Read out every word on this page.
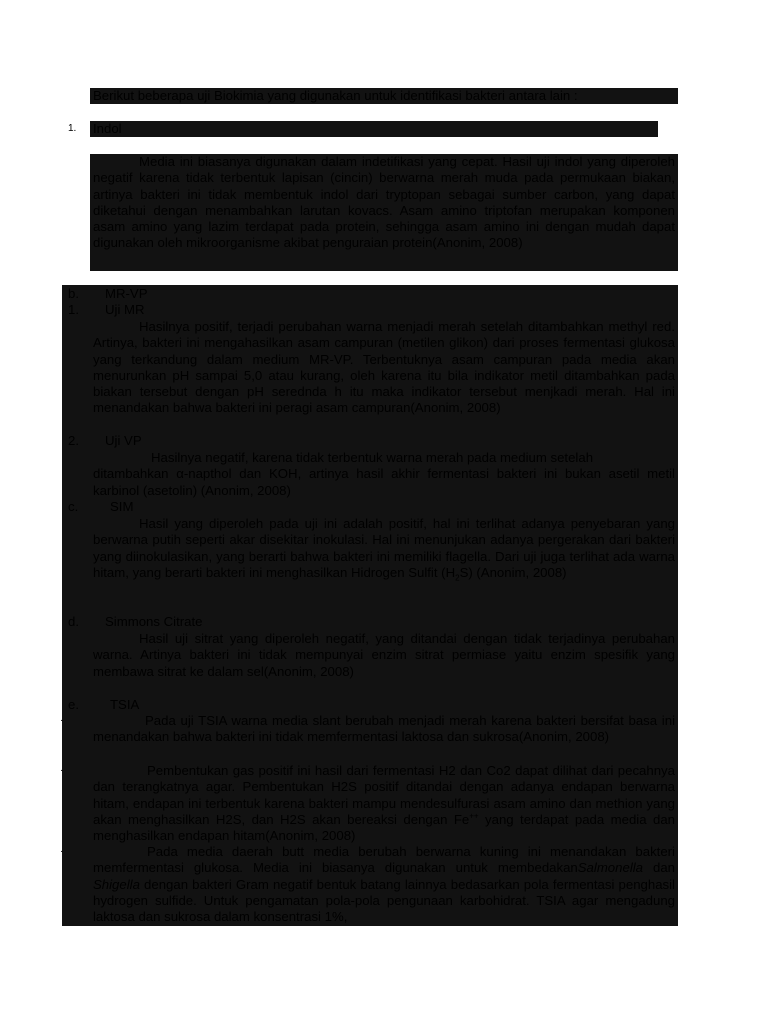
Berikut beberapa uji Biokimia yang digunakan untuk identifikasi bakteri antara lain :
1. Indol

Media ini biasanya digunakan dalam indetifikasi yang cepat. Hasil uji indol yang diperoleh negatif karena tidak terbentuk lapisan (cincin) berwarna merah muda pada permukaan biakan, artinya bakteri ini tidak membentuk indol dari tryptopan sebagai sumber carbon, yang dapat diketahui dengan menambahkan larutan kovacs. Asam amino triptofan merupakan komponen asam amino yang lazim terdapat pada protein, sehingga asam amino ini dengan mudah dapat digunakan oleh mikroorganisme akibat penguraian protein(Anonim, 2008)

b. MR-VP
1. Uji MR

Hasilnya positif, terjadi perubahan warna menjadi merah setelah ditambahkan methyl red. Artinya, bakteri ini mengahasilkan asam campuran (metilen glikon) dari proses fermentasi glukosa yang terkandung dalam medium MR-VP. Terbentuknya asam campuran pada media akan menurunkan pH sampai 5,0 atau kurang, oleh karena itu bila indikator metil ditambahkan pada biakan tersebut dengan pH serednda h itu maka indikator tersebut menjkadi merah. Hal ini menandakan bahwa bakteri ini peragi asam campuran(Anonim, 2008)

2. Uji VP

Hasilnya negatif, karena tidak terbentuk warna merah pada medium setelah

ditambahkan α-napthol dan KOH, artinya hasil akhir fermentasi bakteri ini bukan asetil metil karbinol (asetolin) (Anonim, 2008)

c. SIM

Hasil yang diperoleh pada uji ini adalah positif, hal ini terlihat adanya penyebaran yang berwarna putih seperti akar disekitar inokulasi. Hal ini menunjukan adanya pergerakan dari bakteri yang diinokulasikan, yang berarti bahwa bakteri ini memiliki flagella. Dari uji juga terlihat ada warna hitam, yang berarti bakteri ini menghasilkan Hidrogen Sulfit $(H_2S)$ (Anonim, 2008)

d. Simmons Citrate

Hasil uji sitrat yang diperoleh negatif, yang ditandai dengan tidak terjadinya perubahan warna. Artinya bakteri ini tidak mempunyai enzim sitrat permiase yaitu enzim spesifik yang membawa sitrat ke dalam sel(Anonim, 2008)

e. TSIA
·	Pada uji TSIA warna media slant berubah menjadi merah karena bakteri bersifat basa ini menandakan bahwa bakteri ini tidak memfermentasi laktosa dan sukrosa(Anonim, 2008)

·	Pembentukan gas positif ini hasil dari fermentasi H2 dan Co2 dapat dilihat dari pecahnya dan terangkatnya agar. Pembentukan H2S positif ditandai dengan adanya endapan berwarna hitam, endapan ini terbentuk karena bakteri mampu mendesulfurasi asam amino dan methion yang akan menghasilkan H2S, dan H2S akan bereaksi dengan Fe++ yang terdapat pada media dan menghasilkan endapan hitam(Anonim, 2008)

·	Pada media daerah butt media berubah berwarna kuning ini menandakan bakteri memfermentasi glukosa. Media ini biasanya digunakan untuk membedakanSalmonella dan Shigella dengan bakteri Gram negatif bentuk batang lainnya bedasarkan pola fermentasi penghasil hydrogen sulfide. Untuk pengamatan pola-pola pengunaan karbohidrat. TSIA agar mengadung laktosa dan sukrosa dalam konsentrasi 1%,
